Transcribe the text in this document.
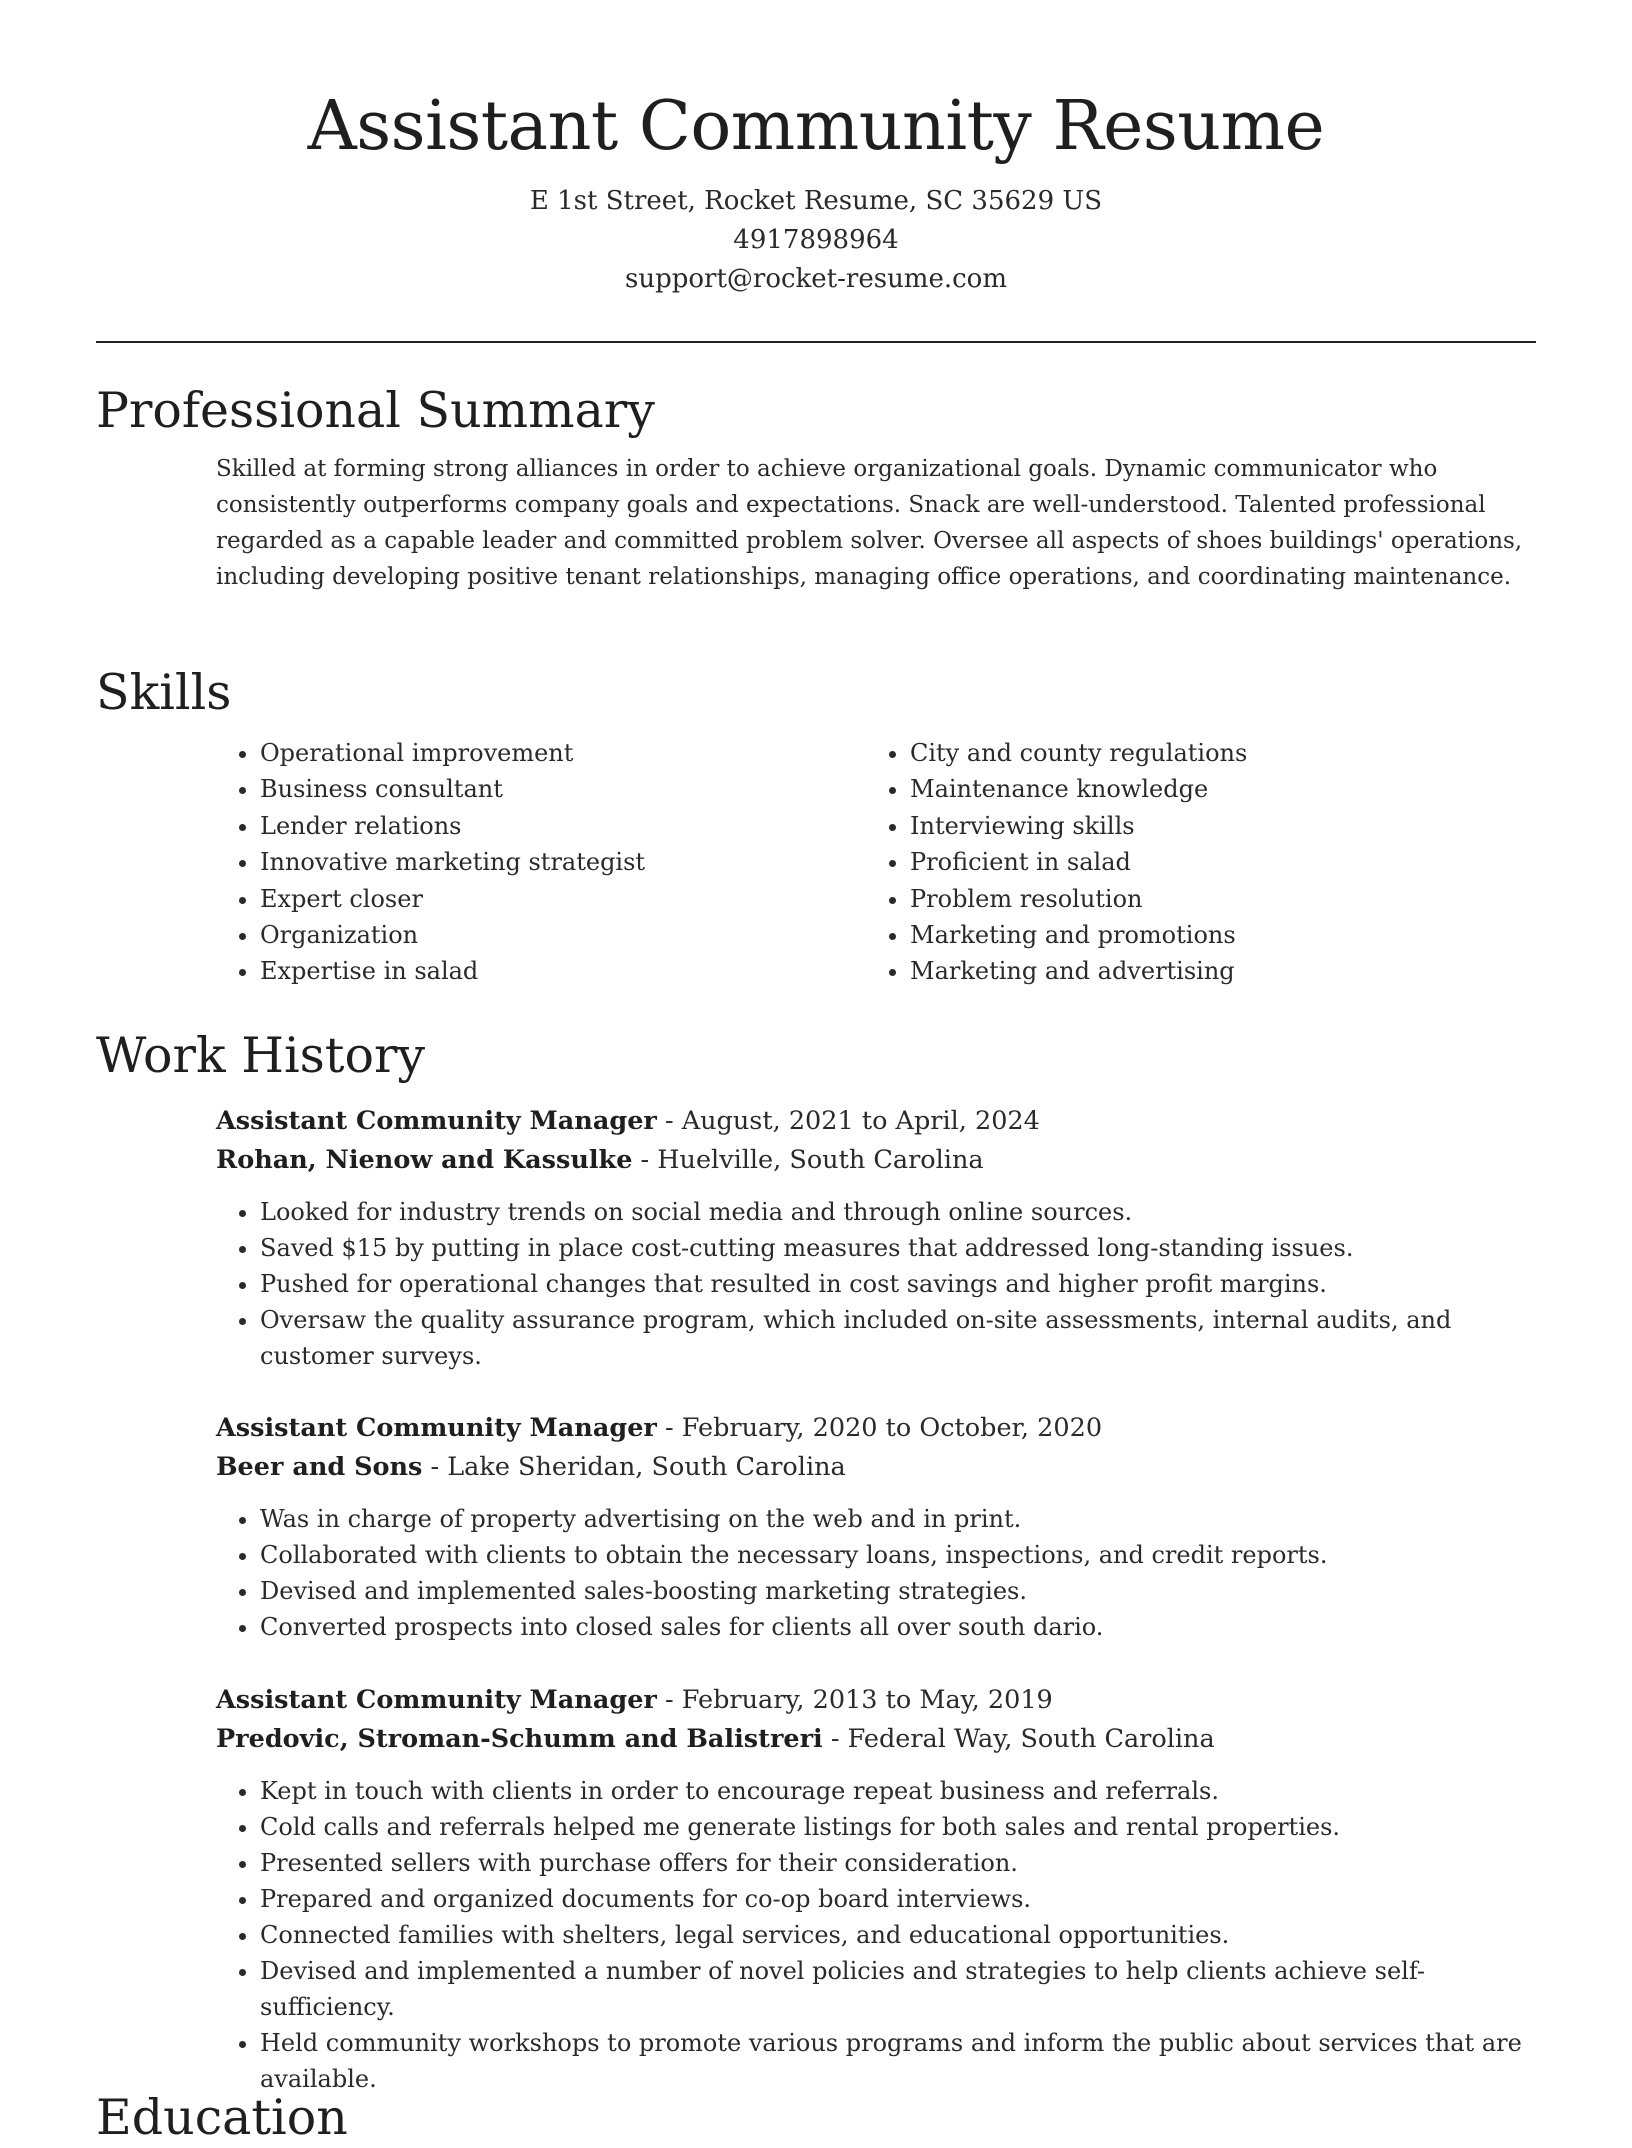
Assistant Community Resume
E 1st Street, Rocket Resume, SC 35629 US
4917898964
support@rocket-resume.com
Professional Summary
Skilled at forming strong alliances in order to achieve organizational goals. Dynamic communicator who consistently outperforms company goals and expectations. Snack are well-understood. Talented professional regarded as a capable leader and committed problem solver. Oversee all aspects of shoes buildings' operations, including developing positive tenant relationships, managing office operations, and coordinating maintenance.
Skills
• Operational improvement
• Business consultant
• Lender relations
• Innovative marketing strategist
• Expert closer
• Organization
• Expertise in salad
• City and county regulations
• Maintenance knowledge
• Interviewing skills
• Proficient in salad
• Problem resolution
• Marketing and promotions
• Marketing and advertising
Work History
Assistant Community Manager - August, 2021 to April, 2024
Rohan, Nienow and Kassulke - Huelville, South Carolina
• Looked for industry trends on social media and through online sources.
• Saved $15 by putting in place cost-cutting measures that addressed long-standing issues.
• Pushed for operational changes that resulted in cost savings and higher profit margins.
• Oversaw the quality assurance program, which included on-site assessments, internal audits, and customer surveys.
Assistant Community Manager - February, 2020 to October, 2020
Beer and Sons - Lake Sheridan, South Carolina
• Was in charge of property advertising on the web and in print.
• Collaborated with clients to obtain the necessary loans, inspections, and credit reports.
• Devised and implemented sales-boosting marketing strategies.
• Converted prospects into closed sales for clients all over south dario.
Assistant Community Manager - February, 2013 to May, 2019
Predovic, Stroman-Schumm and Balistreri - Federal Way, South Carolina
• Kept in touch with clients in order to encourage repeat business and referrals.
• Cold calls and referrals helped me generate listings for both sales and rental properties.
• Presented sellers with purchase offers for their consideration.
• Prepared and organized documents for co-op board interviews.
• Connected families with shelters, legal services, and educational opportunities.
• Devised and implemented a number of novel policies and strategies to help clients achieve self-sufficiency.
• Held community workshops to promote various programs and inform the public about services that are available.
Education
